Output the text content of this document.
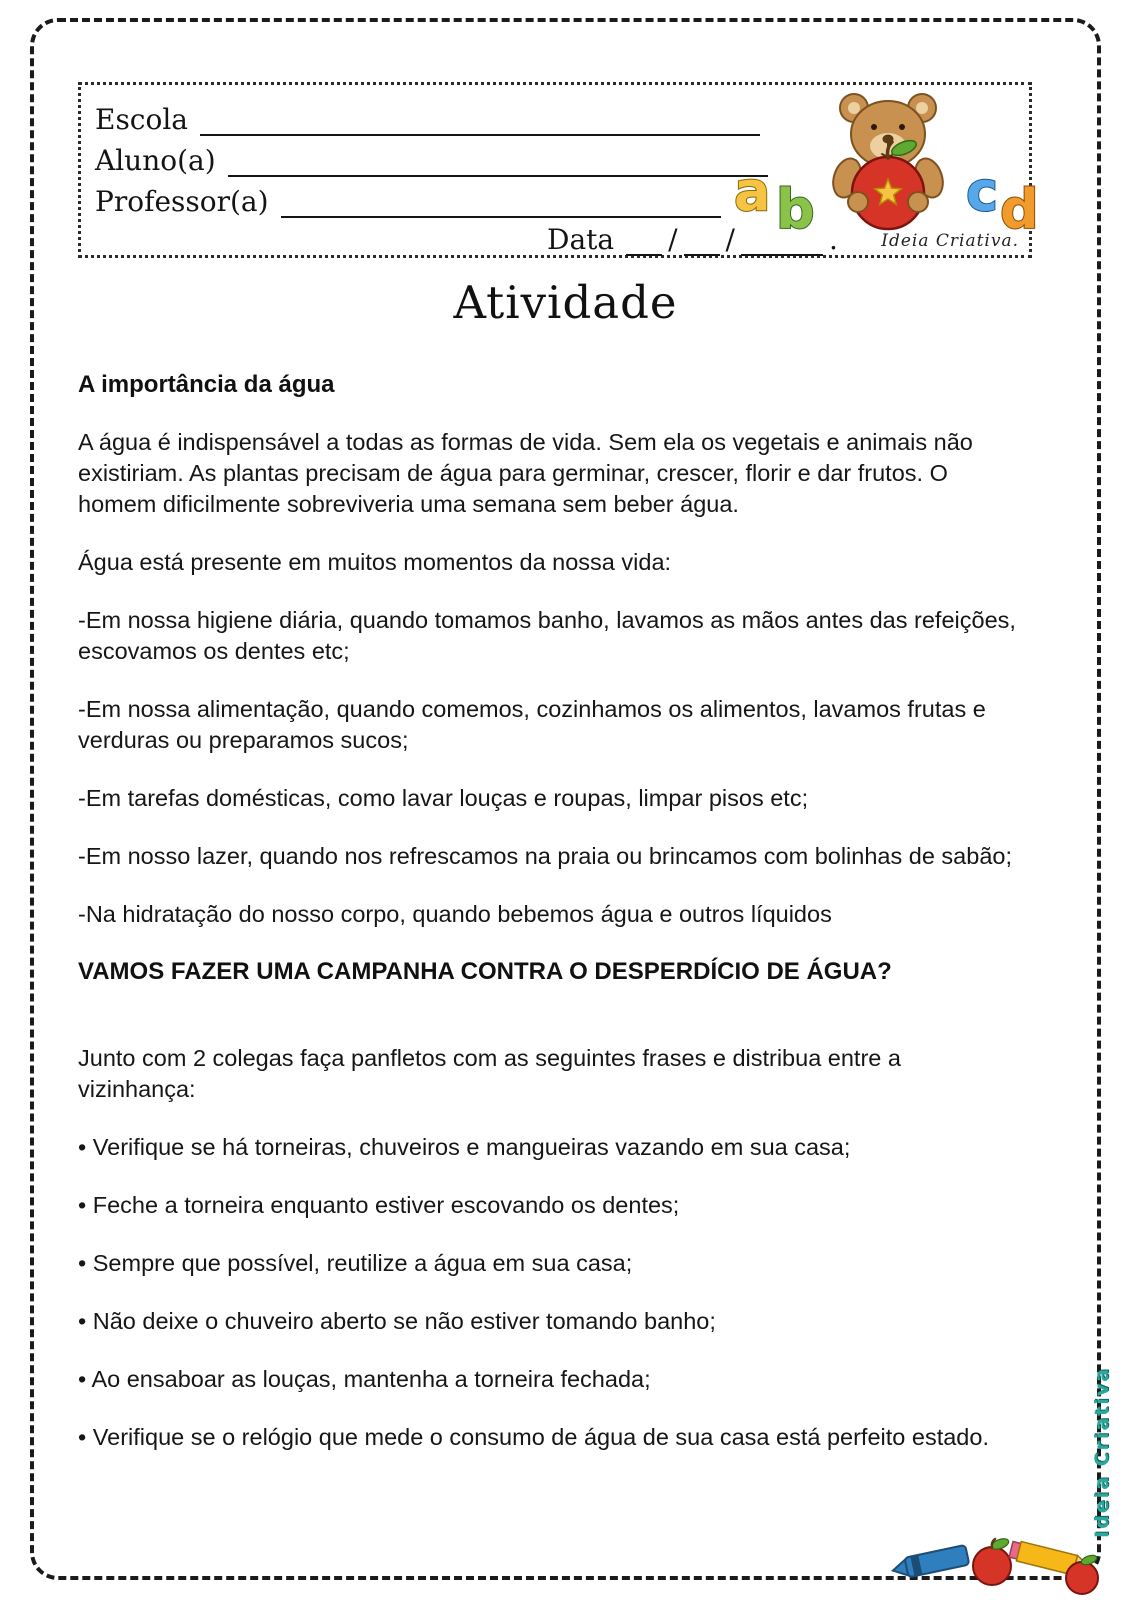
Escola
Aluno(a)
Professor(a)
Data / /	.	Ideia Criativa.
a b	c d
Atividade
A importância da água

A água é indispensável a todas as formas de vida. Sem ela os vegetais e animais não existiriam. As plantas precisam de água para germinar, crescer, florir e dar frutos. O homem dificilmente sobreviveria uma semana sem beber água.

Água está presente em muitos momentos da nossa vida:

-Em nossa higiene diária, quando tomamos banho, lavamos as mãos antes das refeições, escovamos os dentes etc;

-Em nossa alimentação, quando comemos, cozinhamos os alimentos, lavamos frutas e verduras ou preparamos sucos;

-Em tarefas domésticas, como lavar louças e roupas, limpar pisos etc;

-Em nosso lazer, quando nos refrescamos na praia ou brincamos com bolinhas de sabão;

-Na hidratação do nosso corpo, quando bebemos água e outros líquidos

VAMOS FAZER UMA CAMPANHA CONTRA O DESPERDÍCIO DE ÁGUA?

Junto com 2 colegas faça panfletos com as seguintes frases e distribua entre a vizinhança:

• Verifique se há torneiras, chuveiros e mangueiras vazando em sua casa;

• Feche a torneira enquanto estiver escovando os dentes;

• Sempre que possível, reutilize a água em sua casa;

• Não deixe o chuveiro aberto se não estiver tomando banho;

• Ao ensaboar as louças, mantenha a torneira fechada;

• Verifique se o relógio que mede o consumo de água de sua casa está perfeito estado.	Ideia Criativa
